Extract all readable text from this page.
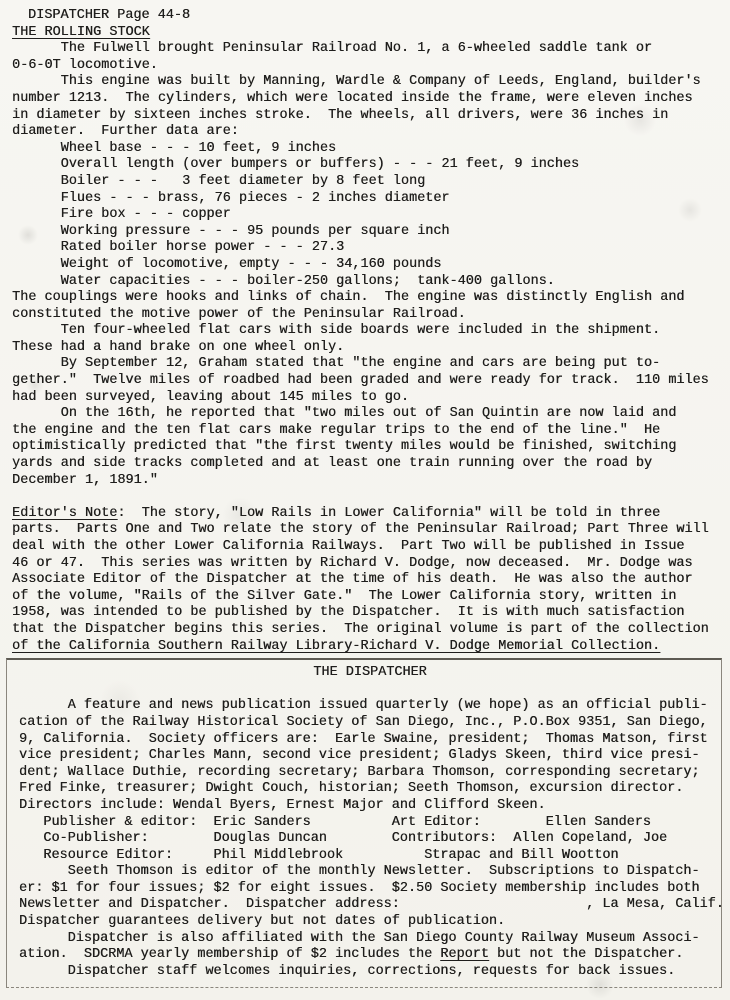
DISPATCHER Page 44-8
THE ROLLING STOCK
The Fulwell brought Peninsular Railroad No. 1, a 6-wheeled saddle tank or
0-6-0T locomotive.
This engine was built by Manning, Wardle & Company of Leeds, England, builder's
number 1213.  The cylinders, which were located inside the frame, were eleven inches
in diameter by sixteen inches stroke.  The wheels, all drivers, were 36 inches in
diameter.  Further data are:
Wheel base - - - 10 feet, 9 inches
Overall length (over bumpers or buffers) - - - 21 feet, 9 inches
Boiler - - -   3 feet diameter by 8 feet long
Flues - - - brass, 76 pieces - 2 inches diameter
Fire box - - - copper
Working pressure - - - 95 pounds per square inch
Rated boiler horse power - - - 27.3
Weight of locomotive, empty - - - 34,160 pounds
Water capacities - - - boiler-250 gallons;  tank-400 gallons.
The couplings were hooks and links of chain.  The engine was distinctly English and
constituted the motive power of the Peninsular Railroad.
Ten four-wheeled flat cars with side boards were included in the shipment.
These had a hand brake on one wheel only.
By September 12, Graham stated that "the engine and cars are being put to-
gether."  Twelve miles of roadbed had been graded and were ready for track.  110 miles
had been surveyed, leaving about 145 miles to go.
On the 16th, he reported that "two miles out of San Quintin are now laid and
the engine and the ten flat cars make regular trips to the end of the line."  He
optimistically predicted that "the first twenty miles would be finished, switching
yards and side tracks completed and at least one train running over the road by
December 1, 1891."
Editor's Note:  The story, "Low Rails in Lower California" will be told in three
parts.  Parts One and Two relate the story of the Peninsular Railroad; Part Three will
deal with the other Lower California Railways.  Part Two will be published in Issue
46 or 47.  This series was written by Richard V. Dodge, now deceased.  Mr. Dodge was
Associate Editor of the Dispatcher at the time of his death.  He was also the author
of the volume, "Rails of the Silver Gate."  The Lower California story, written in
1958, was intended to be published by the Dispatcher.  It is with much satisfaction
that the Dispatcher begins this series.  The original volume is part of the collection
of the California Southern Railway Library-Richard V. Dodge Memorial Collection.
THE DISPATCHER
A feature and news publication issued quarterly (we hope) as an official publi-
cation of the Railway Historical Society of San Diego, Inc., P.O.Box 9351, San Diego,
9, California.  Society officers are:  Earle Swaine, president;  Thomas Matson, first
vice president; Charles Mann, second vice president; Gladys Skeen, third vice presi-
dent; Wallace Duthie, recording secretary; Barbara Thomson, corresponding secretary;
Fred Finke, treasurer; Dwight Couch, historian; Seeth Thomson, excursion director.
Directors include: Wendal Byers, Ernest Major and Clifford Skeen.
Publisher & editor:  Eric Sanders          Art Editor:        Ellen Sanders
Co-Publisher:        Douglas Duncan        Contributors:  Allen Copeland, Joe
Resource Editor:     Phil Middlebrook          Strapac and Bill Wootton
Seeth Thomson is editor of the monthly Newsletter.  Subscriptions to Dispatch-
er: $1 for four issues; $2 for eight issues.  $2.50 Society membership includes both
Newsletter and Dispatcher.  Dispatcher address:                       , La Mesa, Calif.
Dispatcher guarantees delivery but not dates of publication.
Dispatcher is also affiliated with the San Diego County Railway Museum Associ-
ation.  SDCRMA yearly membership of $2 includes the Report but not the Dispatcher.
Dispatcher staff welcomes inquiries, corrections, requests for back issues.
